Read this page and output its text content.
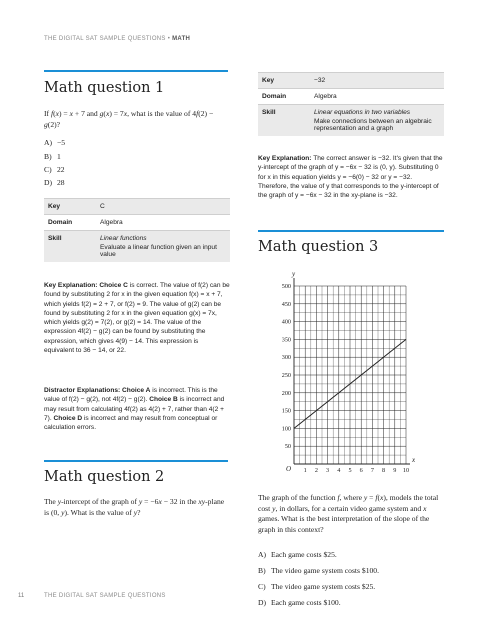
THE DIGITAL SAT SAMPLE QUESTIONS • MATH
Math question 1
If f(x) = x + 7 and g(x) = 7x, what is the value of 4f(2) − g(2)?
A) −5
B) 1
C) 22
D) 28
Key	C
Domain	Algebra
Skill	Linear functions
Evaluate a linear function given an input value
Key Explanation: Choice C is correct. The value of f(2) can be found by substituting 2 for x in the given equation f(x) = x + 7, which yields f(2) = 2 + 7, or f(2) = 9. The value of g(2) can be found by substituting 2 for x in the given equation g(x) = 7x, which yields g(2) = 7(2), or g(2) = 14. The value of the expression 4f(2) − g(2) can be found by substituting the expression, which gives 4(9) − 14. This expression is equivalent to 36 − 14, or 22.
Distractor Explanations: Choice A is incorrect. This is the value of f(2) − g(2), not 4f(2) − g(2). Choice B is incorrect and may result from calculating 4f(2) as 4(2) + 7, rather than 4(2 + 7). Choice D is incorrect and may result from conceptual or calculation errors.
Math question 2
The y-intercept of the graph of y = −6x − 32 in the xy-plane is (0, y). What is the value of y?
Key	−32
Domain	Algebra
Skill	Linear equations in two variables
Make connections between an algebraic representation and a graph
Key Explanation: The correct answer is −32. It's given that the y-intercept of the graph of y = −6x − 32 is (0, y). Substituting 0 for x in this equation yields y = −6(0) − 32 or y = −32. Therefore, the value of y that corresponds to the y-intercept of the graph of y = −6x − 32 in the xy-plane is −32.
Math question 3
1 2 3 4 5 6 7 8 9 10
50
100
150
200
250
300
350
400
450
500
O
x
y
The graph of the function f, where y = f(x), models the total cost y, in dollars, for a certain video game system and x games. What is the best interpretation of the slope of the graph in this context?
A) Each game costs $25.
B) The video game system costs $100.
C) The video game system costs $25.
D) Each game costs $100.
11	THE DIGITAL SAT SAMPLE QUESTIONS
